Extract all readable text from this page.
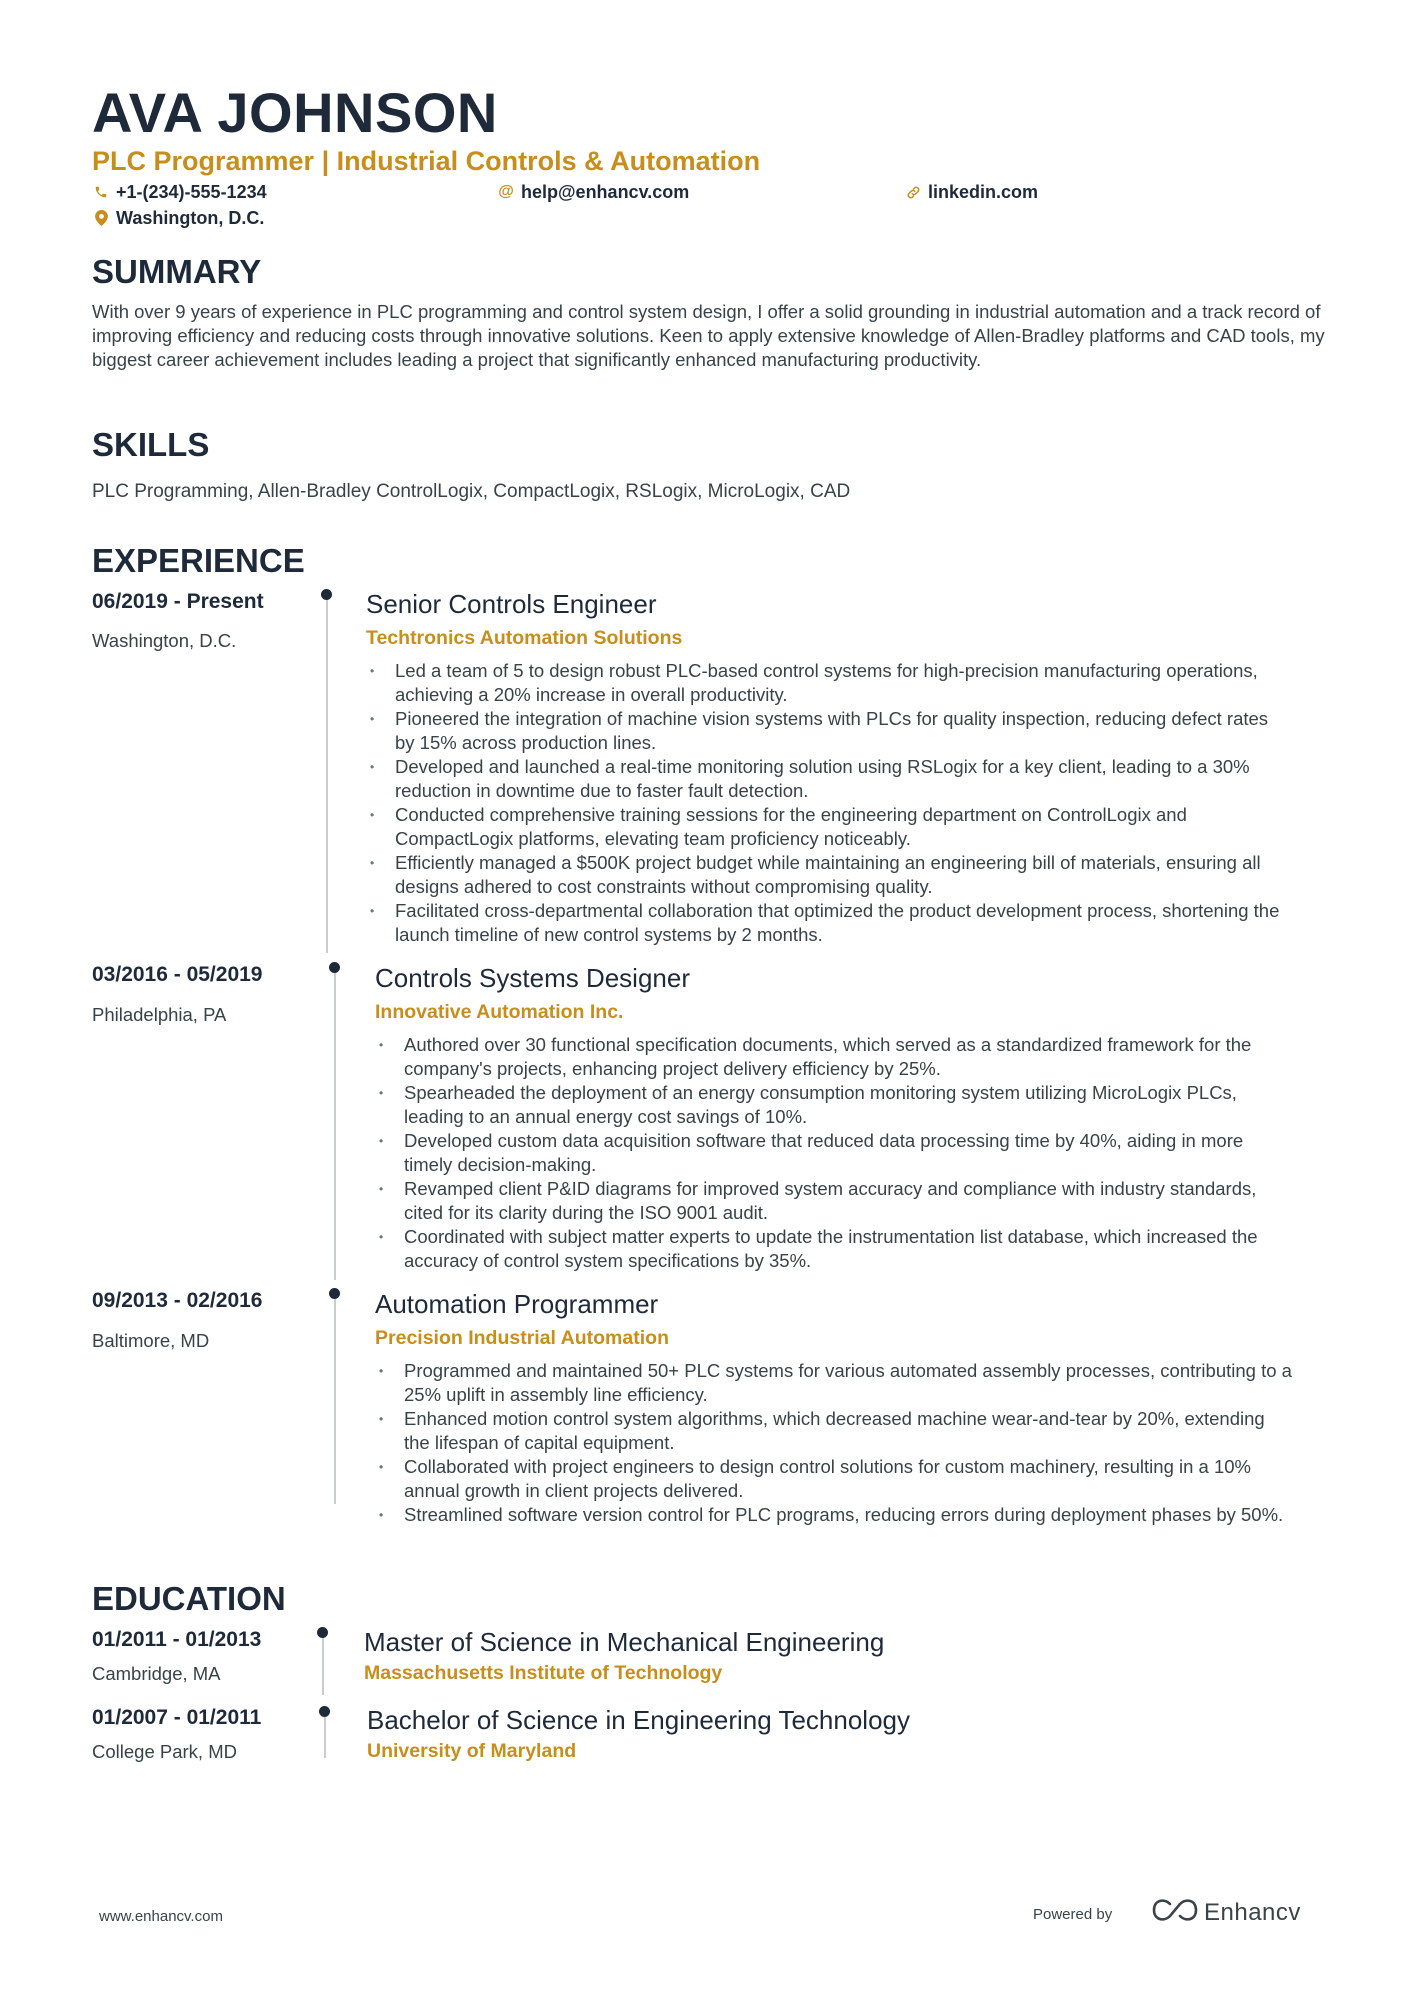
AVA JOHNSON
PLC Programmer | Industrial Controls & Automation
+1-(234)-555-1234	@ help@enhancv.com	linkedin.com
Washington, D.C.
SUMMARY

With over 9 years of experience in PLC programming and control system design, I offer a solid grounding in industrial automation and a track record of improving efficiency and reducing costs through innovative solutions. Keen to apply extensive knowledge of Allen-Bradley platforms and CAD tools, my biggest career achievement includes leading a project that significantly enhanced manufacturing productivity.

SKILLS

PLC Programming, Allen-Bradley ControlLogix, CompactLogix, RSLogix, MicroLogix, CAD

EXPERIENCE
06/2019 - Present
Washington, D.C.
Senior Controls Engineer
Techtronics Automation Solutions
• Led a team of 5 to design robust PLC-based control systems for high-precision manufacturing operations, achieving a 20% increase in overall productivity.
• Pioneered the integration of machine vision systems with PLCs for quality inspection, reducing defect rates by 15% across production lines.
• Developed and launched a real-time monitoring solution using RSLogix for a key client, leading to a 30% reduction in downtime due to faster fault detection.
• Conducted comprehensive training sessions for the engineering department on ControlLogix and CompactLogix platforms, elevating team proficiency noticeably.
• Efficiently managed a $500K project budget while maintaining an engineering bill of materials, ensuring all designs adhered to cost constraints without compromising quality.
• Facilitated cross-departmental collaboration that optimized the product development process, shortening the launch timeline of new control systems by 2 months.
03/2016 - 05/2019
Philadelphia, PA
Controls Systems Designer
Innovative Automation Inc.
• Authored over 30 functional specification documents, which served as a standardized framework for the company's projects, enhancing project delivery efficiency by 25%.
• Spearheaded the deployment of an energy consumption monitoring system utilizing MicroLogix PLCs, leading to an annual energy cost savings of 10%.
• Developed custom data acquisition software that reduced data processing time by 40%, aiding in more timely decision-making.
• Revamped client P&ID diagrams for improved system accuracy and compliance with industry standards, cited for its clarity during the ISO 9001 audit.
• Coordinated with subject matter experts to update the instrumentation list database, which increased the accuracy of control system specifications by 35%.
09/2013 - 02/2016
Baltimore, MD
Automation Programmer
Precision Industrial Automation
• Programmed and maintained 50+ PLC systems for various automated assembly processes, contributing to a 25% uplift in assembly line efficiency.
• Enhanced motion control system algorithms, which decreased machine wear-and-tear by 20%, extending the lifespan of capital equipment.
• Collaborated with project engineers to design control solutions for custom machinery, resulting in a 10% annual growth in client projects delivered.
• Streamlined software version control for PLC programs, reducing errors during deployment phases by 50%.
EDUCATION
01/2011 - 01/2013
Cambridge, MA
Master of Science in Mechanical Engineering
Massachusetts Institute of Technology
01/2007 - 01/2011
College Park, MD
Bachelor of Science in Engineering Technology
University of Maryland
www.enhancv.com	Powered by	Enhancv
